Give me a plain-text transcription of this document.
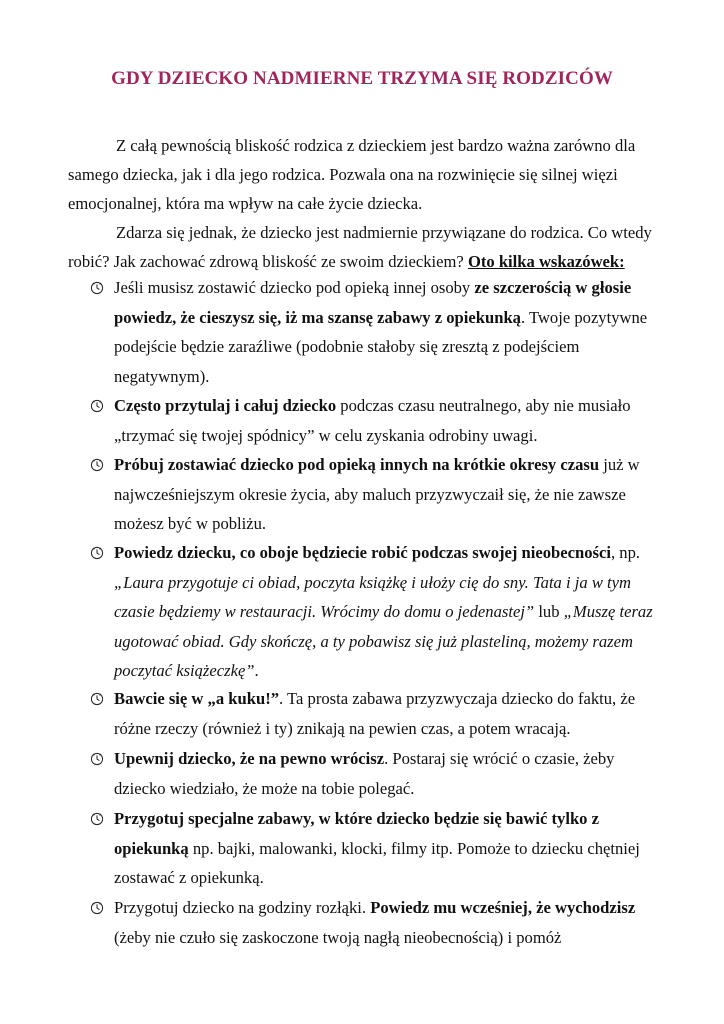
GDY DZIECKO NADMIERNE TRZYMA SIĘ RODZICÓW

Z całą pewnością bliskość rodzica z dzieckiem jest bardzo ważna zarówno dla samego dziecka, jak i dla jego rodzica. Pozwala ona na rozwinięcie się silnej więzi emocjonalnej, która ma wpływ na całe życie dziecka.

Zdarza się jednak, że dziecko jest nadmiernie przywiązane do rodzica. Co wtedy robić? Jak zachować zdrową bliskość ze swoim dzieckiem? Oto kilka wskazówek:

Jeśli musisz zostawić dziecko pod opieką innej osoby ze szczerością w głosie powiedz, że cieszysz się, iż ma szansę zabawy z opiekunką. Twoje pozytywne podejście będzie zaraźliwe (podobnie stałoby się zresztą z podejściem negatywnym).
Często przytulaj i całuj dziecko podczas czasu neutralnego, aby nie musiało „trzymać się twojej spódnicy” w celu zyskania odrobiny uwagi.
Próbuj zostawiać dziecko pod opieką innych na krótkie okresy czasu już w najwcześniejszym okresie życia, aby maluch przyzwyczaił się, że nie zawsze możesz być w pobliżu.
Powiedz dziecku, co oboje będziecie robić podczas swojej nieobecności, np. „Laura przygotuje ci obiad, poczyta książkę i ułoży cię do sny. Tata i ja w tym czasie będziemy w restauracji. Wrócimy do domu o jedenastej” lub „Muszę teraz ugotować obiad. Gdy skończę, a ty pobawisz się już plasteliną, możemy razem poczytać książeczkę”.
Bawcie się w „a kuku!”. Ta prosta zabawa przyzwyczaja dziecko do faktu, że różne rzeczy (również i ty) znikają na pewien czas, a potem wracają.
Upewnij dziecko, że na pewno wrócisz. Postaraj się wrócić o czasie, żeby dziecko wiedziało, że może na tobie polegać.
Przygotuj specjalne zabawy, w które dziecko będzie się bawić tylko z opiekunką np. bajki, malowanki, klocki, filmy itp. Pomoże to dziecku chętniej zostawać z opiekunką.
Przygotuj dziecko na godziny rozłąki. Powiedz mu wcześniej, że wychodzisz (żeby nie czuło się zaskoczone twoją nagłą nieobecnością) i pomóż
